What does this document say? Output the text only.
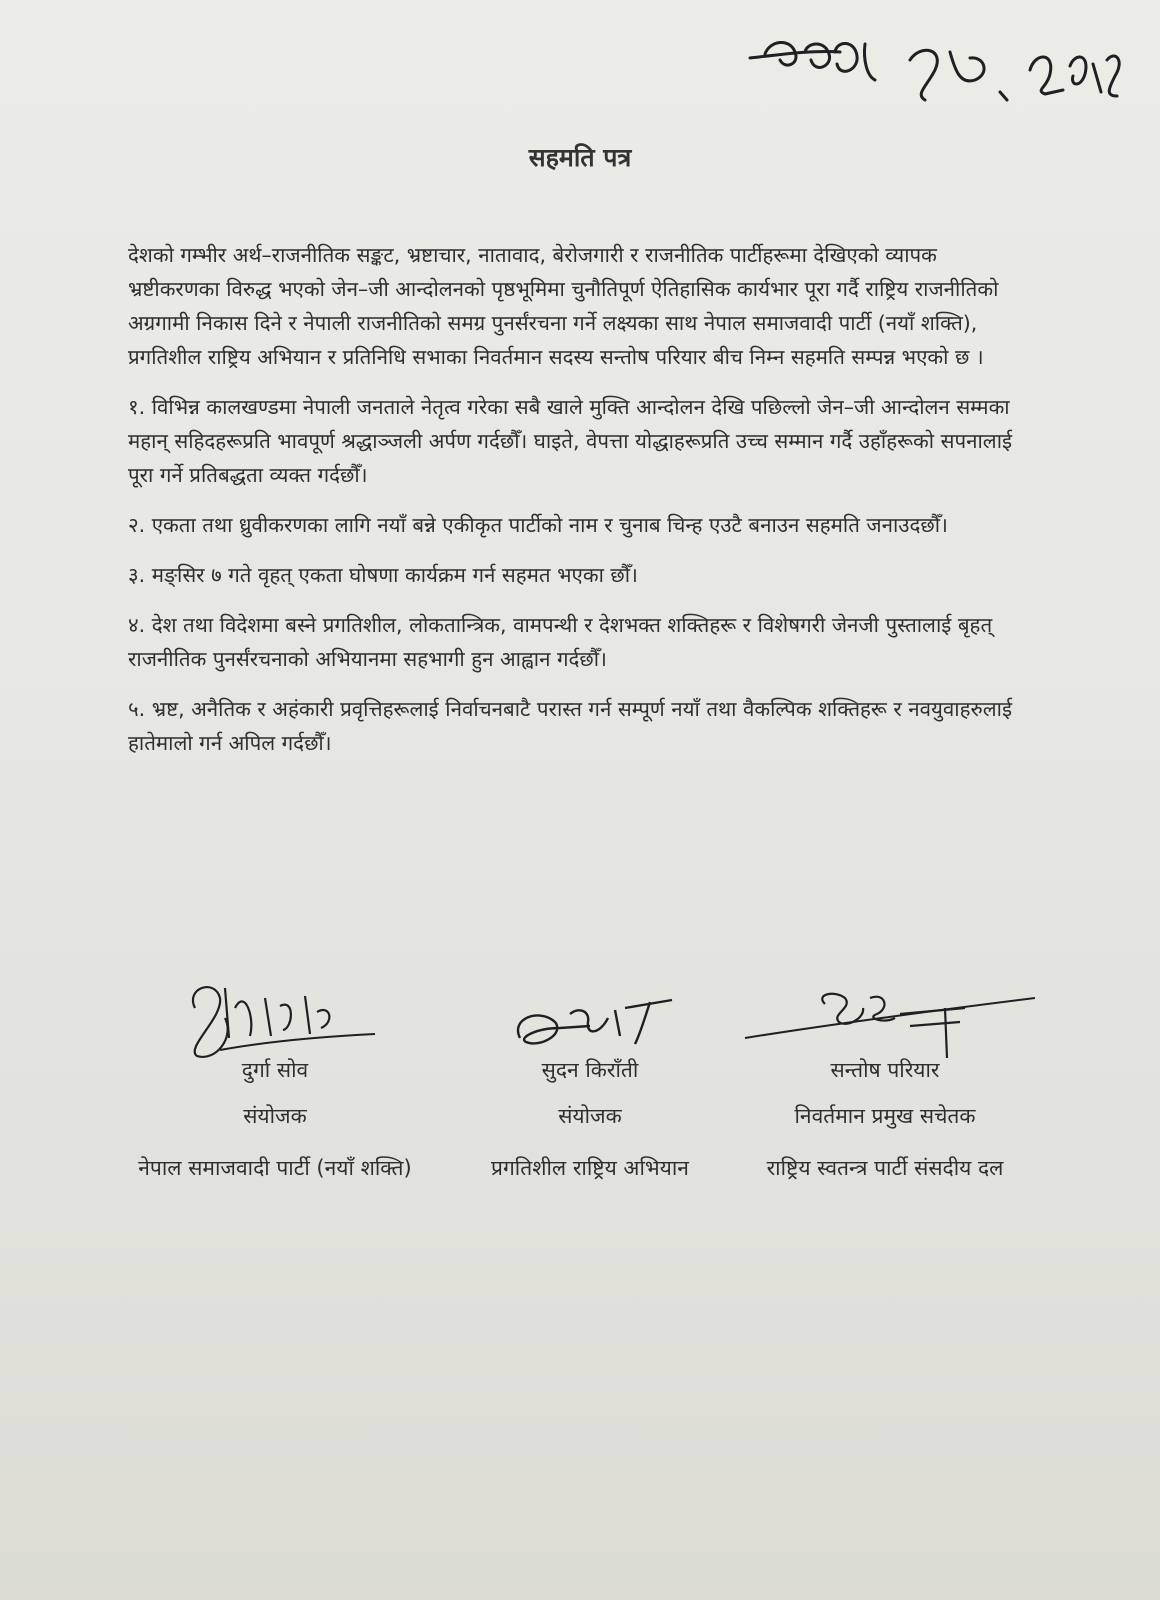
सहमति पत्र

देशको गम्भीर अर्थ–राजनीतिक सङ्कट, भ्रष्टाचार, नातावाद, बेरोजगारी र राजनीतिक पार्टीहरूमा देखिएको व्यापक भ्रष्टीकरणका विरुद्ध भएको जेन–जी आन्दोलनको पृष्ठभूमिमा चुनौतिपूर्ण ऐतिहासिक कार्यभार पूरा गर्दै राष्ट्रिय राजनीतिको अग्रगामी निकास दिने र नेपाली राजनीतिको समग्र पुनर्संरचना गर्ने लक्ष्यका साथ नेपाल समाजवादी पार्टी (नयाँ शक्ति), प्रगतिशील राष्ट्रिय अभियान र प्रतिनिधि सभाका निवर्तमान सदस्य सन्तोष परियार बीच निम्न सहमति सम्पन्न भएको छ ।

१. विभिन्न कालखण्डमा नेपाली जनताले नेतृत्व गरेका सबै खाले मुक्ति आन्दोलन देखि पछिल्लो जेन–जी आन्दोलन सम्मका महान् सहिदहरूप्रति भावपूर्ण श्रद्धाञ्जली अर्पण गर्दछौँ। घाइते, वेपत्ता योद्धाहरूप्रति उच्च सम्मान गर्दै उहाँहरूको सपनालाई पूरा गर्ने प्रतिबद्धता व्यक्त गर्दछौँ।

२. एकता तथा ध्रुवीकरणका लागि नयाँ बन्ने एकीकृत पार्टीको नाम र चुनाब चिन्ह एउटै बनाउन सहमति जनाउदछौँ।

३. मङ्सिर ७ गते वृहत् एकता घोषणा कार्यक्रम गर्न सहमत भएका छौँ।

४. देश तथा विदेशमा बस्ने प्रगतिशील, लोकतान्त्रिक, वामपन्थी र देशभक्त शक्तिहरू र विशेषगरी जेनजी पुस्तालाई बृहत् राजनीतिक पुनर्संरचनाको अभियानमा सहभागी हुन आह्वान गर्दछौँ।

५. भ्रष्ट, अनैतिक र अहंकारी प्रवृत्तिहरूलाई निर्वाचनबाटै परास्त गर्न सम्पूर्ण नयाँ तथा वैकल्पिक शक्तिहरू र नवयुवाहरुलाई हातेमालो गर्न अपिल गर्दछौँ।

दुर्गा सोव
संयोजक
नेपाल समाजवादी पार्टी (नयाँ शक्ति)
सुदन किराँती
संयोजक
प्रगतिशील राष्ट्रिय अभियान
सन्तोष परियार
निवर्तमान प्रमुख सचेतक
राष्ट्रिय स्वतन्त्र पार्टी संसदीय दल
